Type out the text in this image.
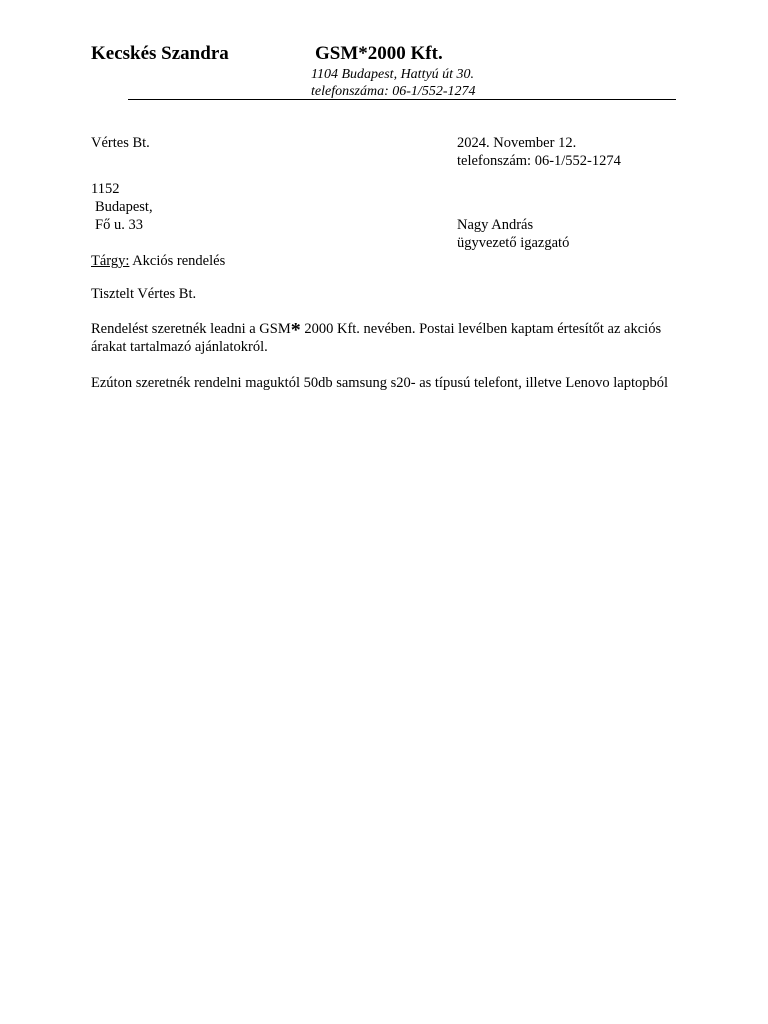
Kecskés Szandra	GSM*2000 Kft.
1104 Budapest, Hattyú út 30.
telefonszáma: 06-1/552-1274
Vértes Bt.
1152
Budapest,
Fő u. 33
2024. November 12.
telefonszám: 06-1/552-1274
Nagy András
ügyvezető igazgató
Tárgy: Akciós rendelés
Tisztelt Vértes Bt.
Rendelést szeretnék leadni a GSM* 2000 Kft. nevében. Postai levélben kaptam értesítőt az akciós árakat tartalmazó ajánlatokról.
Ezúton szeretnék rendelni maguktól 50db samsung s20- as típusú telefont, illetve Lenovo laptopból
